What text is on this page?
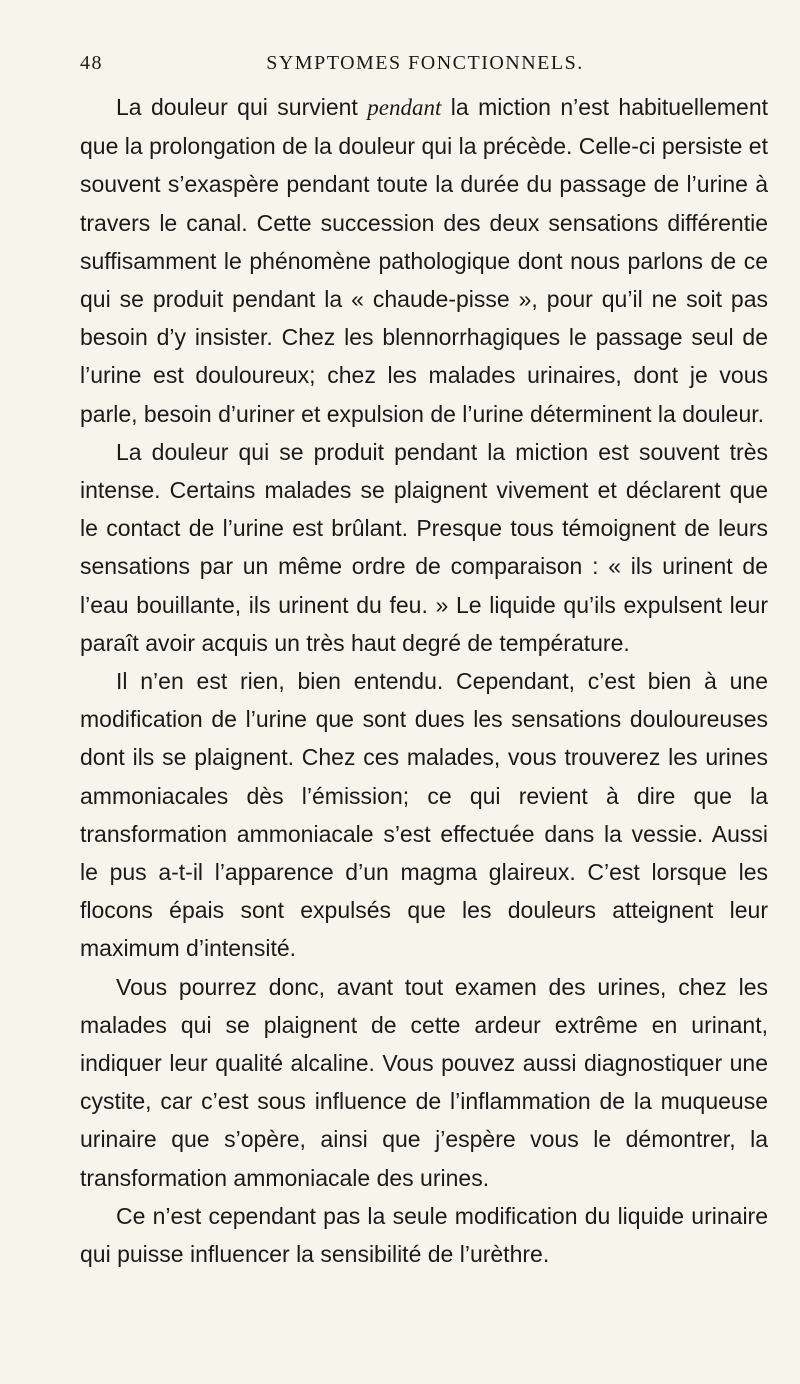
48	SYMPTOMES FONCTIONNELS.

La douleur qui survient pendant la miction n’est habituellement que la prolongation de la douleur qui la précède. Celle-ci persiste et souvent s’exaspère pendant toute la durée du passage de l’urine à travers le canal. Cette succession des deux sensations différentie suffisamment le phénomène pathologique dont nous parlons de ce qui se produit pendant la « chaude-pisse », pour qu’il ne soit pas besoin d’y insister. Chez les blennorrhagiques le passage seul de l’urine est douloureux; chez les malades urinaires, dont je vous parle, besoin d’uriner et expulsion de l’urine déterminent la douleur.

La douleur qui se produit pendant la miction est souvent très intense. Certains malades se plaignent vivement et déclarent que le contact de l’urine est brûlant. Presque tous témoignent de leurs sensations par un même ordre de comparaison : « ils urinent de l’eau bouillante, ils urinent du feu. » Le liquide qu’ils expulsent leur paraît avoir acquis un très haut degré de température.

Il n’en est rien, bien entendu. Cependant, c’est bien à une modification de l’urine que sont dues les sensations douloureuses dont ils se plaignent. Chez ces malades, vous trouverez les urines ammoniacales dès l’émission; ce qui revient à dire que la transformation ammoniacale s’est effectuée dans la vessie. Aussi le pus a-t-il l’apparence d’un magma glaireux. C’est lorsque les flocons épais sont expulsés que les douleurs atteignent leur maximum d’intensité.

Vous pourrez donc, avant tout examen des urines, chez les malades qui se plaignent de cette ardeur extrême en urinant, indiquer leur qualité alcaline. Vous pouvez aussi diagnostiquer une cystite, car c’est sous influence de l’inflammation de la muqueuse urinaire que s’opère, ainsi que j’espère vous le démontrer, la transformation ammoniacale des urines.

Ce n’est cependant pas la seule modification du liquide urinaire qui puisse influencer la sensibilité de l’urèthre.
